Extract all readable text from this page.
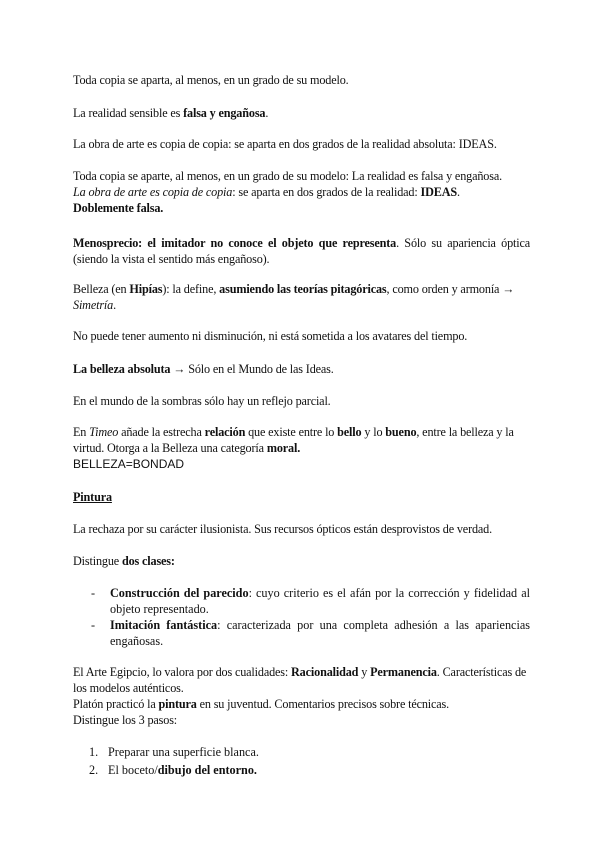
Toda copia se aparta, al menos, en un grado de su modelo.

La realidad sensible es falsa y engañosa.

La obra de arte es copia de copia: se aparta en dos grados de la realidad absoluta: IDEAS.

Toda copia se aparte, al menos, en un grado de su modelo: La realidad es falsa y engañosa.
La obra de arte es copia de copia: se aparta en dos grados de la realidad: IDEAS.
Doblemente falsa.

Menosprecio: el imitador no conoce el objeto que representa. Sólo su apariencia óptica (siendo la vista el sentido más engañoso).

Belleza (en Hipías): la define, asumiendo las teorías pitagóricas, como orden y armonía → Simetría.

No puede tener aumento ni disminución, ni está sometida a los avatares del tiempo.

La belleza absoluta → Sólo en el Mundo de las Ideas.

En el mundo de la sombras sólo hay un reflejo parcial.

En Timeo añade la estrecha relación que existe entre lo bello y lo bueno, entre la belleza y la virtud. Otorga a la Belleza una categoría moral.
BELLEZA=BONDAD

Pintura

La rechaza por su carácter ilusionista. Sus recursos ópticos están desprovistos de verdad.

Distingue dos clases:

- Construcción del parecido: cuyo criterio es el afán por la corrección y fidelidad al objeto representado.
- Imitación fantástica: caracterizada por una completa adhesión a las apariencias engañosas.

El Arte Egipcio, lo valora por dos cualidades: Racionalidad y Permanencia. Características de los modelos auténticos.
Platón practicó la pintura en su juventud. Comentarios precisos sobre técnicas.
Distingue los 3 pasos:

1. Preparar una superficie blanca.
2. El boceto/dibujo del entorno.
